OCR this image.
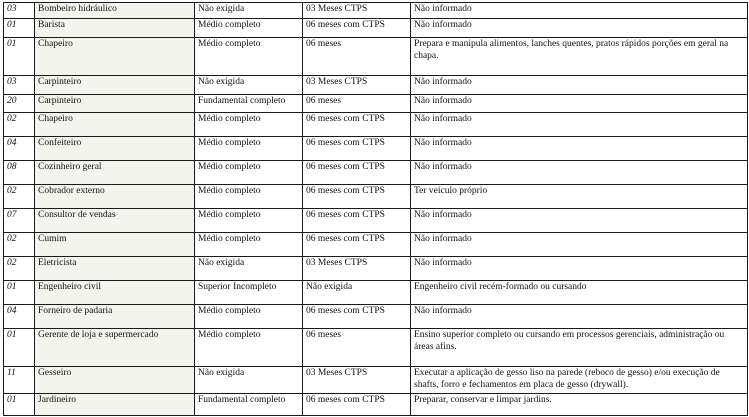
03	Bombeiro hidráulico	Não exigida	03 Meses CTPS	Não informado
01	Barista	Médio completo	06 meses com CTPS	Não informado
01	Chapeiro	Médio completo	06 meses	Prepara e manipula alimentos, lanches quentes, pratos rápidos porções em geral na chapa.
03	Carpinteiro	Não exigida	03 Meses CTPS	Não informado
20	Carpinteiro	Fundamental completo	06 meses	Não informado
02	Chapeiro	Médio completo	06 meses com CTPS	Não informado
04	Confeiteiro	Médio completo	06 meses com CTPS	Não informado
08	Cozinheiro geral	Médio completo	06 meses com CTPS	Não informado
02	Cobrador externo	Médio completo	06 meses com CTPS	Ter veículo próprio
07	Consultor de vendas	Médio completo	06 meses com CTPS	Não informado
02	Cumim	Médio completo	06 meses com CTPS	Não informado
02	Eletricista	Não exigida	03 Meses CTPS	Não informado
01	Engenheiro civil	Superior Incompleto	Não exigida	Engenheiro civil recém-formado ou cursando
04	Forneiro de padaria	Médio completo	06 meses com CTPS	Não informado
01	Gerente de loja e supermercado	Médio completo	06 meses	Ensino superior completo ou cursando em processos gerenciais, administração ou áreas afins.
11	Gesseiro	Não exigida	03 Meses CTPS	Executar a aplicação de gesso liso na parede (reboco de gesso) e/ou execução de shafts, forro e fechamentos em placa de gesso (drywall).
01	Jardineiro	Fundamental completo	06 meses com CTPS	Preparar, conservar e limpar jardins.
